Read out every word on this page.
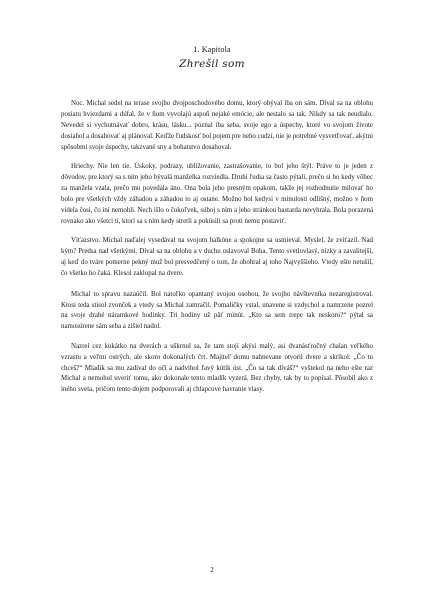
1. Kapitola
Zhrešil som

Noc. Michal sedel na terase svojho dvojposchodového domu, ktorý obýval iba on sám. Díval sa na oblohu posiatu hviezdami a dúfal, že v ňom vyvolajú aspoň nejaké emócie, ale nestalo sa tak. Nikdy sa tak neudialo. Nevedel si vychutnávať dobro, krásu, lásku... poznal iba seba, svoje ego a úspechy, ktoré vo svojom živote dosiahol a dosahovať aj plánoval. Keďže ľudskosť bol pojem pre neho cudzí, nie je potrebné vysvetľovať, akými spôsobmi svoje úspechy, takzvané sny a bohatstvo dosahoval.

Hriechy. Nie len tie. Úskoky, podrazy, ubližovanie, zastrašovanie, to bol jeho štýl. Práve to je jeden z dôvodov, pre ktorý sa s ním jeho bývalá manželka rozviedla. Druhí ľudia sa často pýtali, prečo si ho kedy vôbec za manžela vzala, prečo mu povedala áno. Ona bola jeho presným opakom, takže jej rozhodnutie milovať ho bolo pre všetkých vždy záhadou a záhadou to aj ostane. Možno bol kedysi v minulosti odlišný, možno v ňom videla čosi, čo iní nemohli. Nech išlo o čokoľvek, súboj s ním a jeho stránkou bastarda nevyhrala. Bola porazená rovnako ako všetci tí, ktorí sa s ním kedy stretli a pokúsili sa proti nemu postaviť.

Víťazstvo. Michal naďalej vysedával na svojom balkóne a spokojne sa usmieval. Myslel, že zvíťazil. Nad kým? Predsa nad všetkými. Díval sa na oblohu a v duchu oslavoval Boha. Tento svetlovlasý, nízky a zavalitejší, aj keď do tváre pomerne pekný muž bol presvedčený o tom, že obohral aj toho Najvyššieho. Vtedy ešte netušil, čo všetko ho čaká. Klesol zaklopal na dvere.

Michal to spravu nazaúčil. Bol natoľko opantaný svojou osobou, že svojho návštevníka nezaregistroval. Ktosi teda stisol zvonček a vtedy sa Michal zamračil. Pomaličky vstal, unavene si vzdychol a namrzene pozrel na svoje drahé náramkové hodinky. Tri hodiny už päť minút. „Kto sa sem trepe tak neskoro?“ pýtal sa namosúrene sám seba a zišiel nadol.

Nazrel cez kukátko na dverách a uškrnul sa, že tam stojí akýsi malý, asi dvanásťročný chalan veľkého vzrastu a veľmi ostrých, ale skoro dokonalých črt. Majiteľ domu nahnevane otvoril dvere a skríkol: „Čo tu chceš?“ Mladík sa mu zadíval do očí a nadvihol ľavý kútik úst. „Čo sa tak díváš?“ vyštekol na neho ešte raz Michal a nemohol uveriť tomu, ako dokonale tento mladík vyzerá. Bez chyby, tak by to popísal. Pôsobil ako z iného sveta, pričom tento dojem podporovali aj chlapcove havranie vlasy.

2
